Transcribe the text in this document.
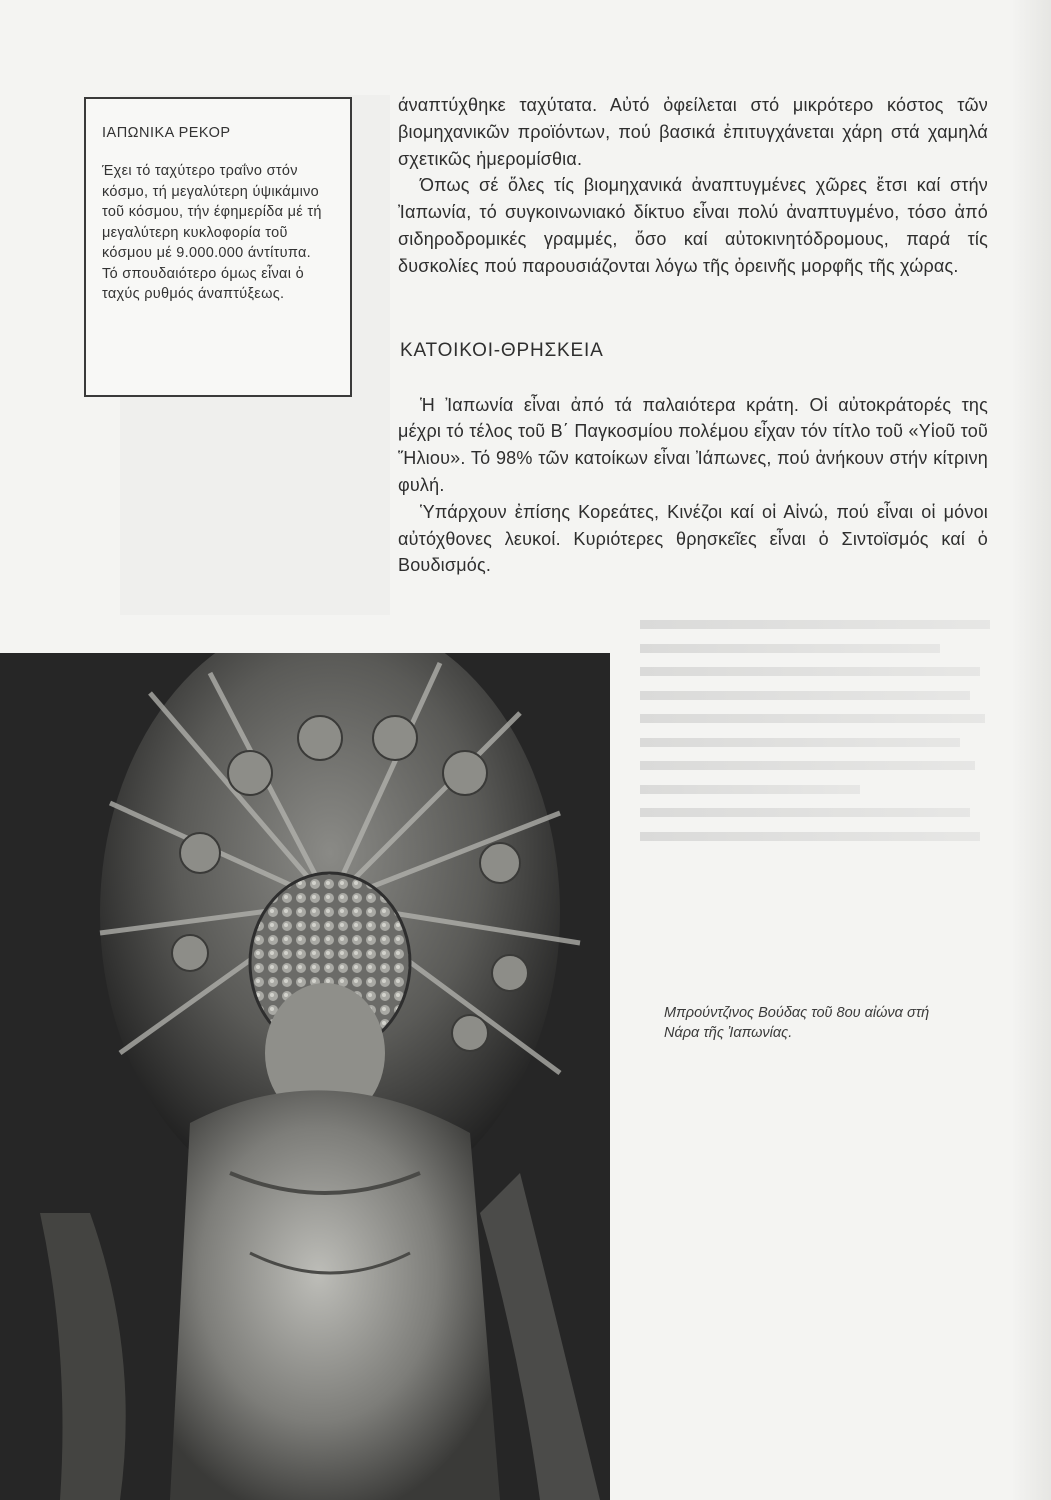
ΙΑΠΩΝΙΚΑ ΡΕΚΟΡ

Έχει τό ταχύτερο τραΐνο στόν κόσμο, τή μεγαλύτερη ύψικάμινο τοῦ κόσμου, τήν έφημερίδα μέ τή μεγαλύτερη κυκλοφορία τοῦ κόσμου μέ 9.000.000 άντίτυπα.

Τό σπουδαιότερο όμως εἶναι ὁ ταχύς ρυθμός άναπτύξεως.

άναπτύχθηκε ταχύτατα. Αὐτό ὀφείλεται στό μικρότερο κόστος τῶν βιομηχανικῶν προϊόντων, πού βασικά ἐπιτυγχάνεται χάρη στά χαμηλά σχετικῶς ἡμερομίσθια.

Όπως σέ ὅλες τίς βιομηχανικά ἀναπτυγμένες χῶρες ἔτσι καί στήν Ἰαπωνία, τό συγκοινωνιακό δίκτυο εἶναι πολύ ἀναπτυγμένο, τόσο ἀπό σιδηροδρομικές γραμμές, ὅσο καί αὐτοκινητόδρομους, παρά τίς δυσκολίες πού παρουσιάζονται λόγω τῆς ὀρεινῆς μορφῆς τῆς χώρας.

ΚΑΤΟΙΚΟΙ-ΘΡΗΣΚΕΙΑ

Ἡ Ἰαπωνία εἶναι ἀπό τά παλαιότερα κράτη. Οἱ αὐτοκράτορές της μέχρι τό τέλος τοῦ Β΄ Παγκοσμίου πολέμου εἶχαν τόν τίτλο τοῦ «Υἱοῦ τοῦ Ἥλιου». Τό 98% τῶν κατοίκων εἶναι Ἰάπωνες, πού ἀνήκουν στήν κίτρινη φυλή.

Ὑπάρχουν ἐπίσης Κορεάτες, Κινέζοι καί οἱ Αἰνώ, πού εἶναι οἱ μόνοι αὐτόχθονες λευκοί. Κυριότερες θρησκεῖες εἶναι ὁ Σιντοϊσμός καί ὁ Βουδισμός.

Μπρούντζινος Βούδας τοῦ 8ου αἰώνα στή Νάρα τῆς Ἰαπωνίας.
